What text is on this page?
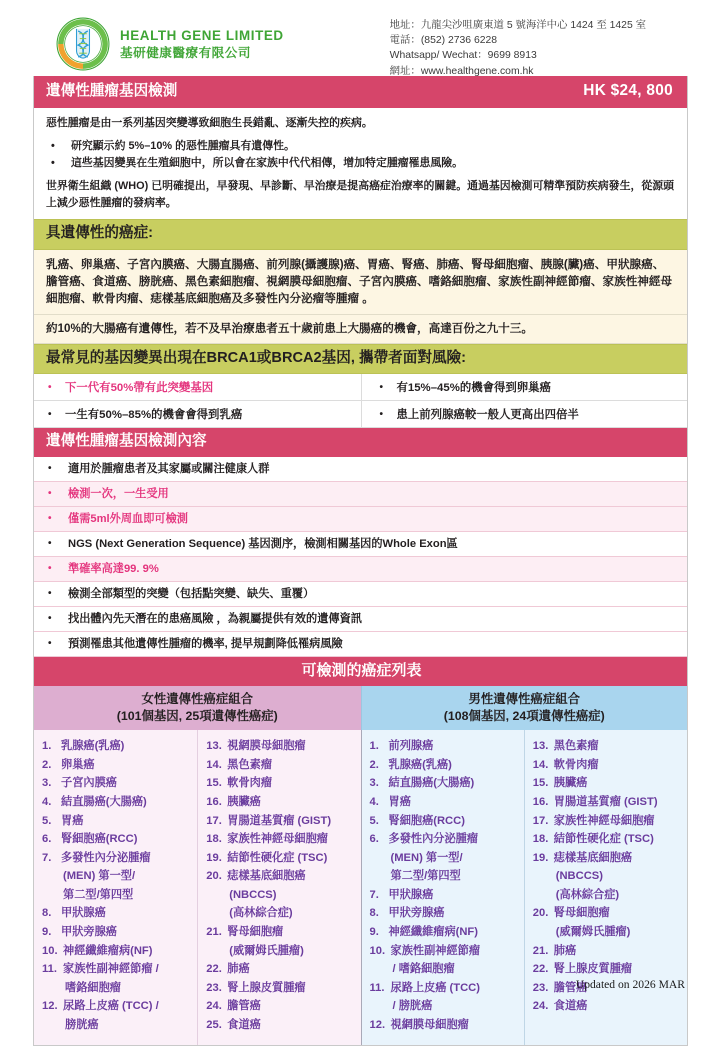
HEALTH GENE LIMITED
基研健康醫療有限公司
地址：九龍尖沙咀廣東道 5 號海洋中心 1424 至 1425 室
電話：(852) 2736 6228
Whatsapp/ Wechat：9699 8913
網址：www.healthgene.com.hk
遺傳性腫瘤基因檢測	HK $24, 800

惡性腫瘤是由一系列基因突變導致細胞生長錯亂、逐漸失控的疾病。

•	研究顯示約 5%–10% 的惡性腫瘤具有遺傳性。
•	這些基因變異在生殖細胞中，所以會在家族中代代相傳，增加特定腫瘤罹患風險。

世界衛生組織 (WHO) 已明確提出，早發現、早診斷、早治療是提高癌症治療率的關鍵。通過基因檢測可精準預防疾病發生，從源頭上減少惡性腫瘤的發病率。

具遺傳性的癌症:
乳癌、卵巢癌、子宮內膜癌、大腸直腸癌、前列腺(攝護腺)癌、胃癌、腎癌、肺癌、腎母細胞瘤、胰腺(臟)癌、甲狀腺癌、膽管癌、食道癌、膀胱癌、黑色素細胞瘤、視網膜母細胞瘤、子宮內膜癌、嗜鉻細胞瘤、家族性副神經節瘤、家族性神經母細胞瘤、軟骨肉瘤、痣樣基底細胞癌及多發性內分泌瘤等腫瘤 。
約10%的大腸癌有遺傳性，若不及早治療患者五十歲前患上大腸癌的機會，高達百份之九十三。
最常見的基因變異出現在BRCA1或BRCA2基因, 攜帶者面對風險:
•	下一代有50%帶有此突變基因	•	有15%–45%的機會得到卵巢癌
•	一生有50%–85%的機會會得到乳癌	•	患上前列腺癌較一般人更高出四倍半
遺傳性腫瘤基因檢測內容
•	適用於腫瘤患者及其家屬或關注健康人群
•	檢測一次，一生受用
•	僅需5ml外周血即可檢測
•	NGS (Next Generation Sequence) 基因測序，檢測相關基因的Whole Exon區
•	準確率高達99. 9%
•	檢測全部類型的突變（包括點突變、缺失、重覆）
•	找出體內先天潛在的患癌風險 ，為親屬提供有效的遺傳資訊
•	預測罹患其他遺傳性腫瘤的機率, 提早規劃降低罹病風險
可檢測的癌症列表
女性遺傳性癌症組合
(101個基因, 25項遺傳性癌症)
男性遺傳性癌症組合
(108個基因, 24項遺傳性癌症)
1. 乳腺癌(乳癌)
2. 卵巢癌
3. 子宮內膜癌
4. 結直腸癌(大腸癌)
5. 胃癌
6. 腎細胞癌(RCC)
7. 多發性內分泌腫瘤
(MEN) 第一型/
第二型/第四型
8. 甲狀腺癌
9. 甲狀旁腺癌
10. 神經纖維瘤病(NF)
11. 家族性副神經節瘤 /
嗜鉻細胞瘤
12. 尿路上皮癌 (TCC) /
膀胱癌
13. 視網膜母細胞瘤
14. 黑色素瘤
15. 軟骨肉瘤
16. 胰臟癌
17. 胃腸道基質瘤 (GIST)
18. 家族性神經母細胞瘤
19. 結節性硬化症 (TSC)
20. 痣樣基底細胞癌
(NBCCS)
(高林綜合症)
21. 腎母細胞瘤
(威爾姆氏腫瘤)
22. 肺癌
23. 腎上腺皮質腫瘤
24. 膽管癌
25. 食道癌
1. 前列腺癌
2. 乳腺癌(乳癌)
3. 結直腸癌(大腸癌)
4. 胃癌
5. 腎細胞癌(RCC)
6. 多發性內分泌腫瘤
(MEN) 第一型/
第二型/第四型
7. 甲狀腺癌
8. 甲狀旁腺癌
9. 神經纖維瘤病(NF)
10. 家族性副神經節瘤
/ 嗜鉻細胞瘤
11. 尿路上皮癌 (TCC)
/ 膀胱癌
12. 視網膜母細胞瘤
13. 黑色素瘤
14. 軟骨肉瘤
15. 胰臟癌
16. 胃腸道基質瘤 (GIST)
17. 家族性神經母細胞瘤
18. 結節性硬化症 (TSC)
19. 痣樣基底細胞癌
(NBCCS)
(高林綜合症)
20. 腎母細胞瘤
(威爾姆氏腫瘤)
21. 肺癌
22. 腎上腺皮質腫瘤
23. 膽管癌
24. 食道癌
Updated on 2026 MAR
